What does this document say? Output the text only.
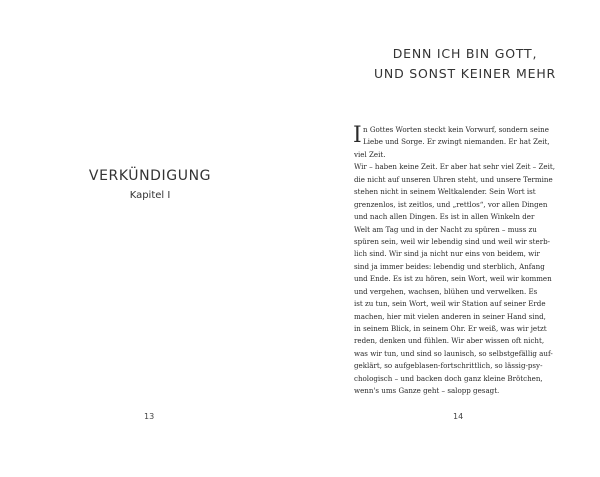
VERKÜNDIGUNG
Kapitel I
13
DENN ICH BIN GOTT,
UND SONST KEINER MEHR
I n Gottes Worten steckt kein Vorwurf, sondern seine
Liebe und Sorge. Er zwingt niemanden. Er hat Zeit,
viel Zeit.
Wir – haben keine Zeit. Er aber hat sehr viel Zeit – Zeit,
die nicht auf unseren Uhren steht, und unsere Termine
stehen nicht in seinem Weltkalender. Sein Wort ist
grenzenlos, ist zeitlos, und „rettlos“, vor allen Dingen
und nach allen Dingen. Es ist in allen Winkeln der
Welt am Tag und in der Nacht zu spüren – muss zu
spüren sein, weil wir lebendig sind und weil wir sterb-
lich sind. Wir sind ja nicht nur eins von beidem, wir
sind ja immer beides: lebendig und sterblich, Anfang
und Ende. Es ist zu hören, sein Wort, weil wir kommen
und vergehen, wachsen, blühen und verwelken. Es
ist zu tun, sein Wort, weil wir Station auf seiner Erde
machen, hier mit vielen anderen in seiner Hand sind,
in seinem Blick, in seinem Ohr. Er weiß, was wir jetzt
reden, denken und fühlen. Wir aber wissen oft nicht,
was wir tun, und sind so launisch, so selbstgefällig auf-
geklärt, so aufgeblasen-fortschrittlich, so lässig-psy-
chologisch – und backen doch ganz kleine Brötchen,
wenn's ums Ganze geht – salopp gesagt.
14
